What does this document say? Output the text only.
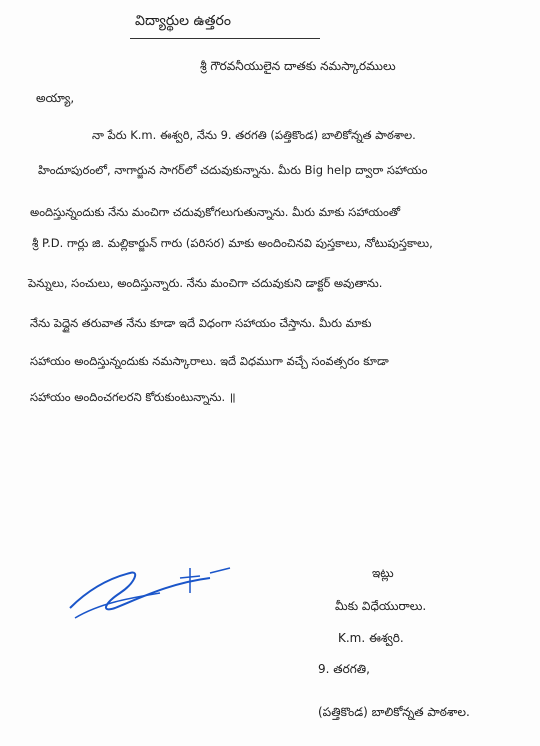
విద్యార్థుల ఉత్తరం
శ్రీ గౌరవనీయులైన దాతకు నమస్కారములు
అయ్యా,
నా పేరు K.m. ఈశ్వరి, నేను 9. తరగతి (పత్తికొండ) బాలికోన్నత పాఠశాల.
హిందూపురంలో, నాగార్జున సాగర్‌లో చదువుకున్నాను. మీరు Big help ద్వారా సహాయం
అందిస్తున్నందుకు నేను మంచిగా చదువుకోగలుగుతున్నాను. మీరు మాకు సహాయంతో
శ్రీ P.D. గార్లు జి. మల్లికార్జున్ గారు (పరిసర) మాకు అందించినవి పుస్తకాలు, నోటుపుస్తకాలు,
పెన్నులు, సంచులు, అందిస్తున్నారు. నేను మంచిగా చదువుకుని డాక్టర్ అవుతాను.
నేను పెద్దైన తరువాత నేను కూడా ఇదే విధంగా సహాయం చేస్తాను. మీరు మాకు
సహాయం అందిస్తున్నందుకు నమస్కారాలు. ఇదే విధముగా వచ్చే సంవత్సరం కూడా
సహాయం అందించగలరని కోరుకుంటున్నాను. ॥
ఇట్లు
మీకు విధేయురాలు.
K.m. ఈశ్వరి.
9. తరగతి,
(పత్తికొండ) బాలికోన్నత పాఠశాల.
